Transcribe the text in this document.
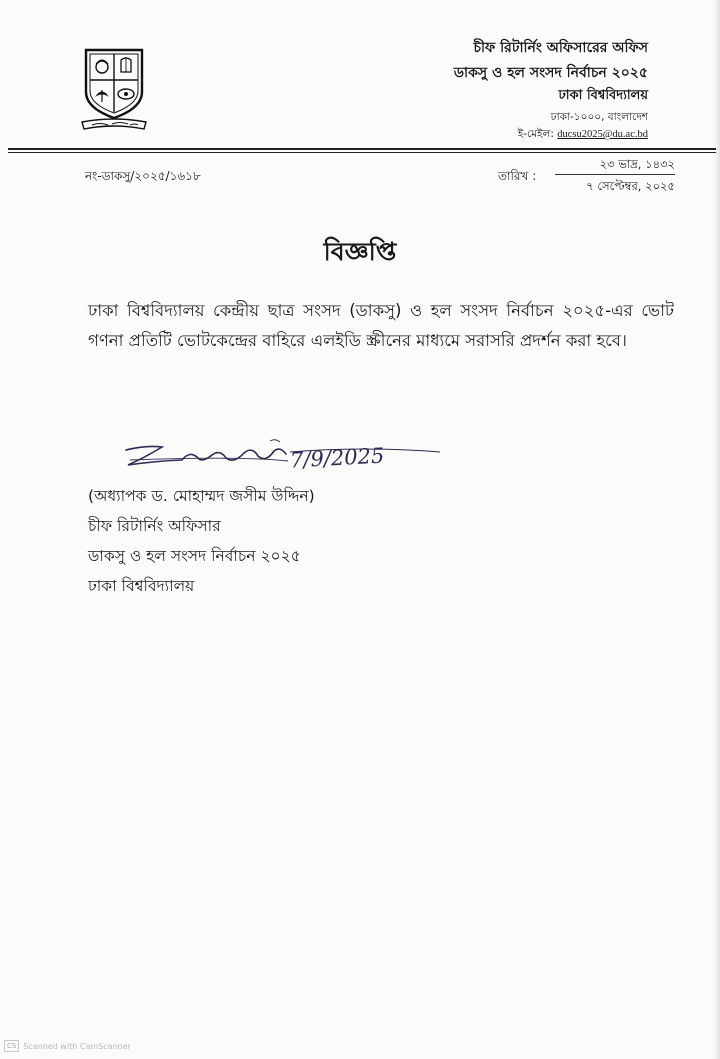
চীফ রিটার্নিং অফিসারের অফিস
ডাকসু ও হল সংসদ নির্বাচন ২০২৫
ঢাকা বিশ্ববিদ্যালয়
ঢাকা-১০০০, বাংলাদেশ
ই-মেইল: ducsu2025@du.ac.bd
নং-ডাকসু/২০২৫/১৬১৮	তারিখ :
২৩ ভাদ্র, ১৪৩২
৭ সেপ্টেম্বর, ২০২৫
বিজ্ঞপ্তি
ঢাকা বিশ্ববিদ্যালয় কেন্দ্রীয় ছাত্র সংসদ (ডাকসু) ও হল সংসদ নির্বাচন ২০২৫-এর ভোট গণনা প্রতিটি ভোটকেন্দ্রের বাহিরে এলইডি স্ক্রীনের মাধ্যমে সরাসরি প্রদর্শন করা হবে।
7/9/2025
(অধ্যাপক ড. মোহাম্মদ জসীম উদ্দিন)
চীফ রিটার্নিং অফিসার
ডাকসু ও হল সংসদ নির্বাচন ২০২৫
ঢাকা বিশ্ববিদ্যালয়
CS Scanned with CamScanner
